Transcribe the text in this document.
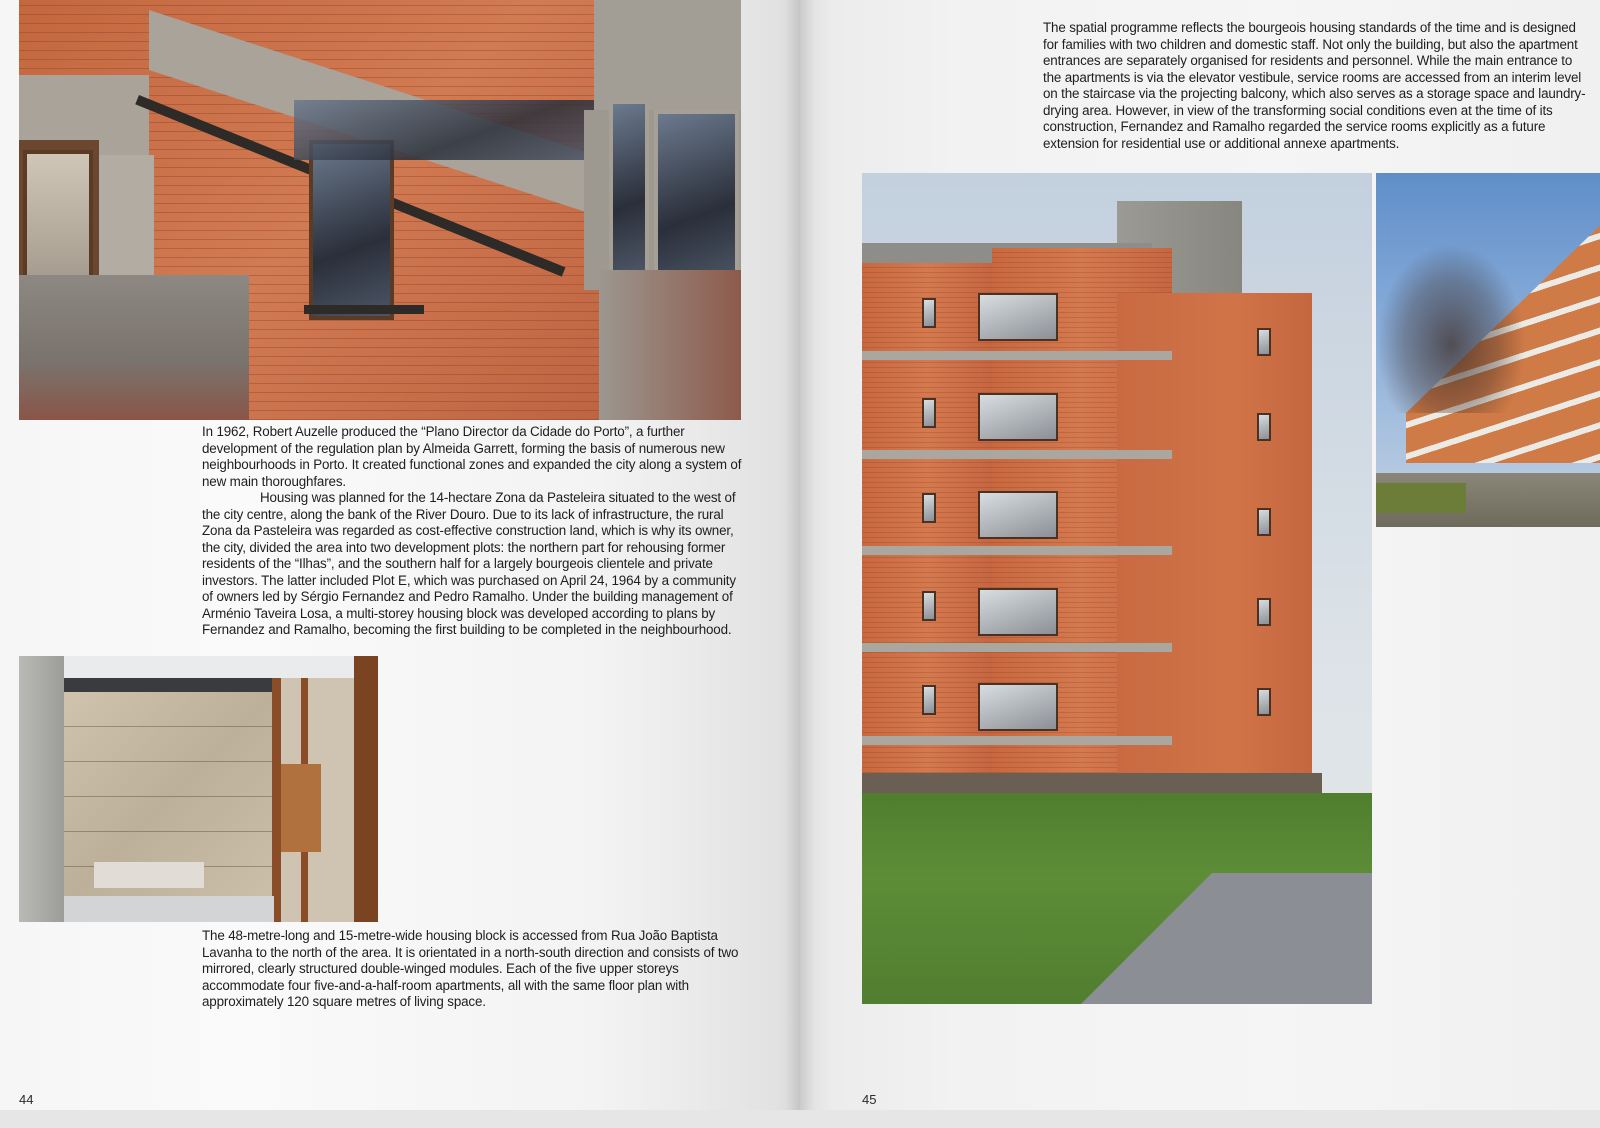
In 1962, Robert Auzelle produced the “Plano Director da Cidade do Porto”, a further development of the regulation plan by Almeida Garrett, forming the basis of numerous new neighbourhoods in Porto. It created functional zones and expanded the city along a system of new main thoroughfares.

Housing was planned for the 14-hectare Zona da Pasteleira situated to the west of the city centre, along the bank of the River Douro. Due to its lack of infrastructure, the rural Zona da Pasteleira was regarded as cost-effective construction land, which is why its owner, the city, divided the area into two development plots: the northern part for rehousing former residents of the “Ilhas”, and the southern half for a largely bourgeois clientele and private investors. The latter included Plot E, which was purchased on April 24, 1964 by a community of owners led by Sérgio Fernandez and Pedro Ramalho. Under the building management of Arménio Taveira Losa, a multi-storey housing block was developed according to plans by Fernandez and Ramalho, becoming the first building to be completed in the neighbourhood.

The 48-metre-long and 15-metre-wide housing block is accessed from Rua João Baptista Lavanha to the north of the area. It is orientated in a north-south direction and consists of two mirrored, clearly structured double-winged modules. Each of the five upper storeys accommodate four five-and-a-half-room apartments, all with the same floor plan with approximately 120 square metres of living space.

44	45

The spatial programme reflects the bourgeois housing standards of the time and is designed for families with two children and domestic staff. Not only the building, but also the apartment entrances are separately organised for residents and personnel. While the main entrance to the apartments is via the elevator vestibule, service rooms are accessed from an interim level on the staircase via the projecting balcony, which also serves as a storage space and laundry-drying area. However, in view of the transforming social conditions even at the time of its construction, Fernandez and Ramalho regarded the service rooms explicitly as a future extension for residential use or additional annexe apartments.
